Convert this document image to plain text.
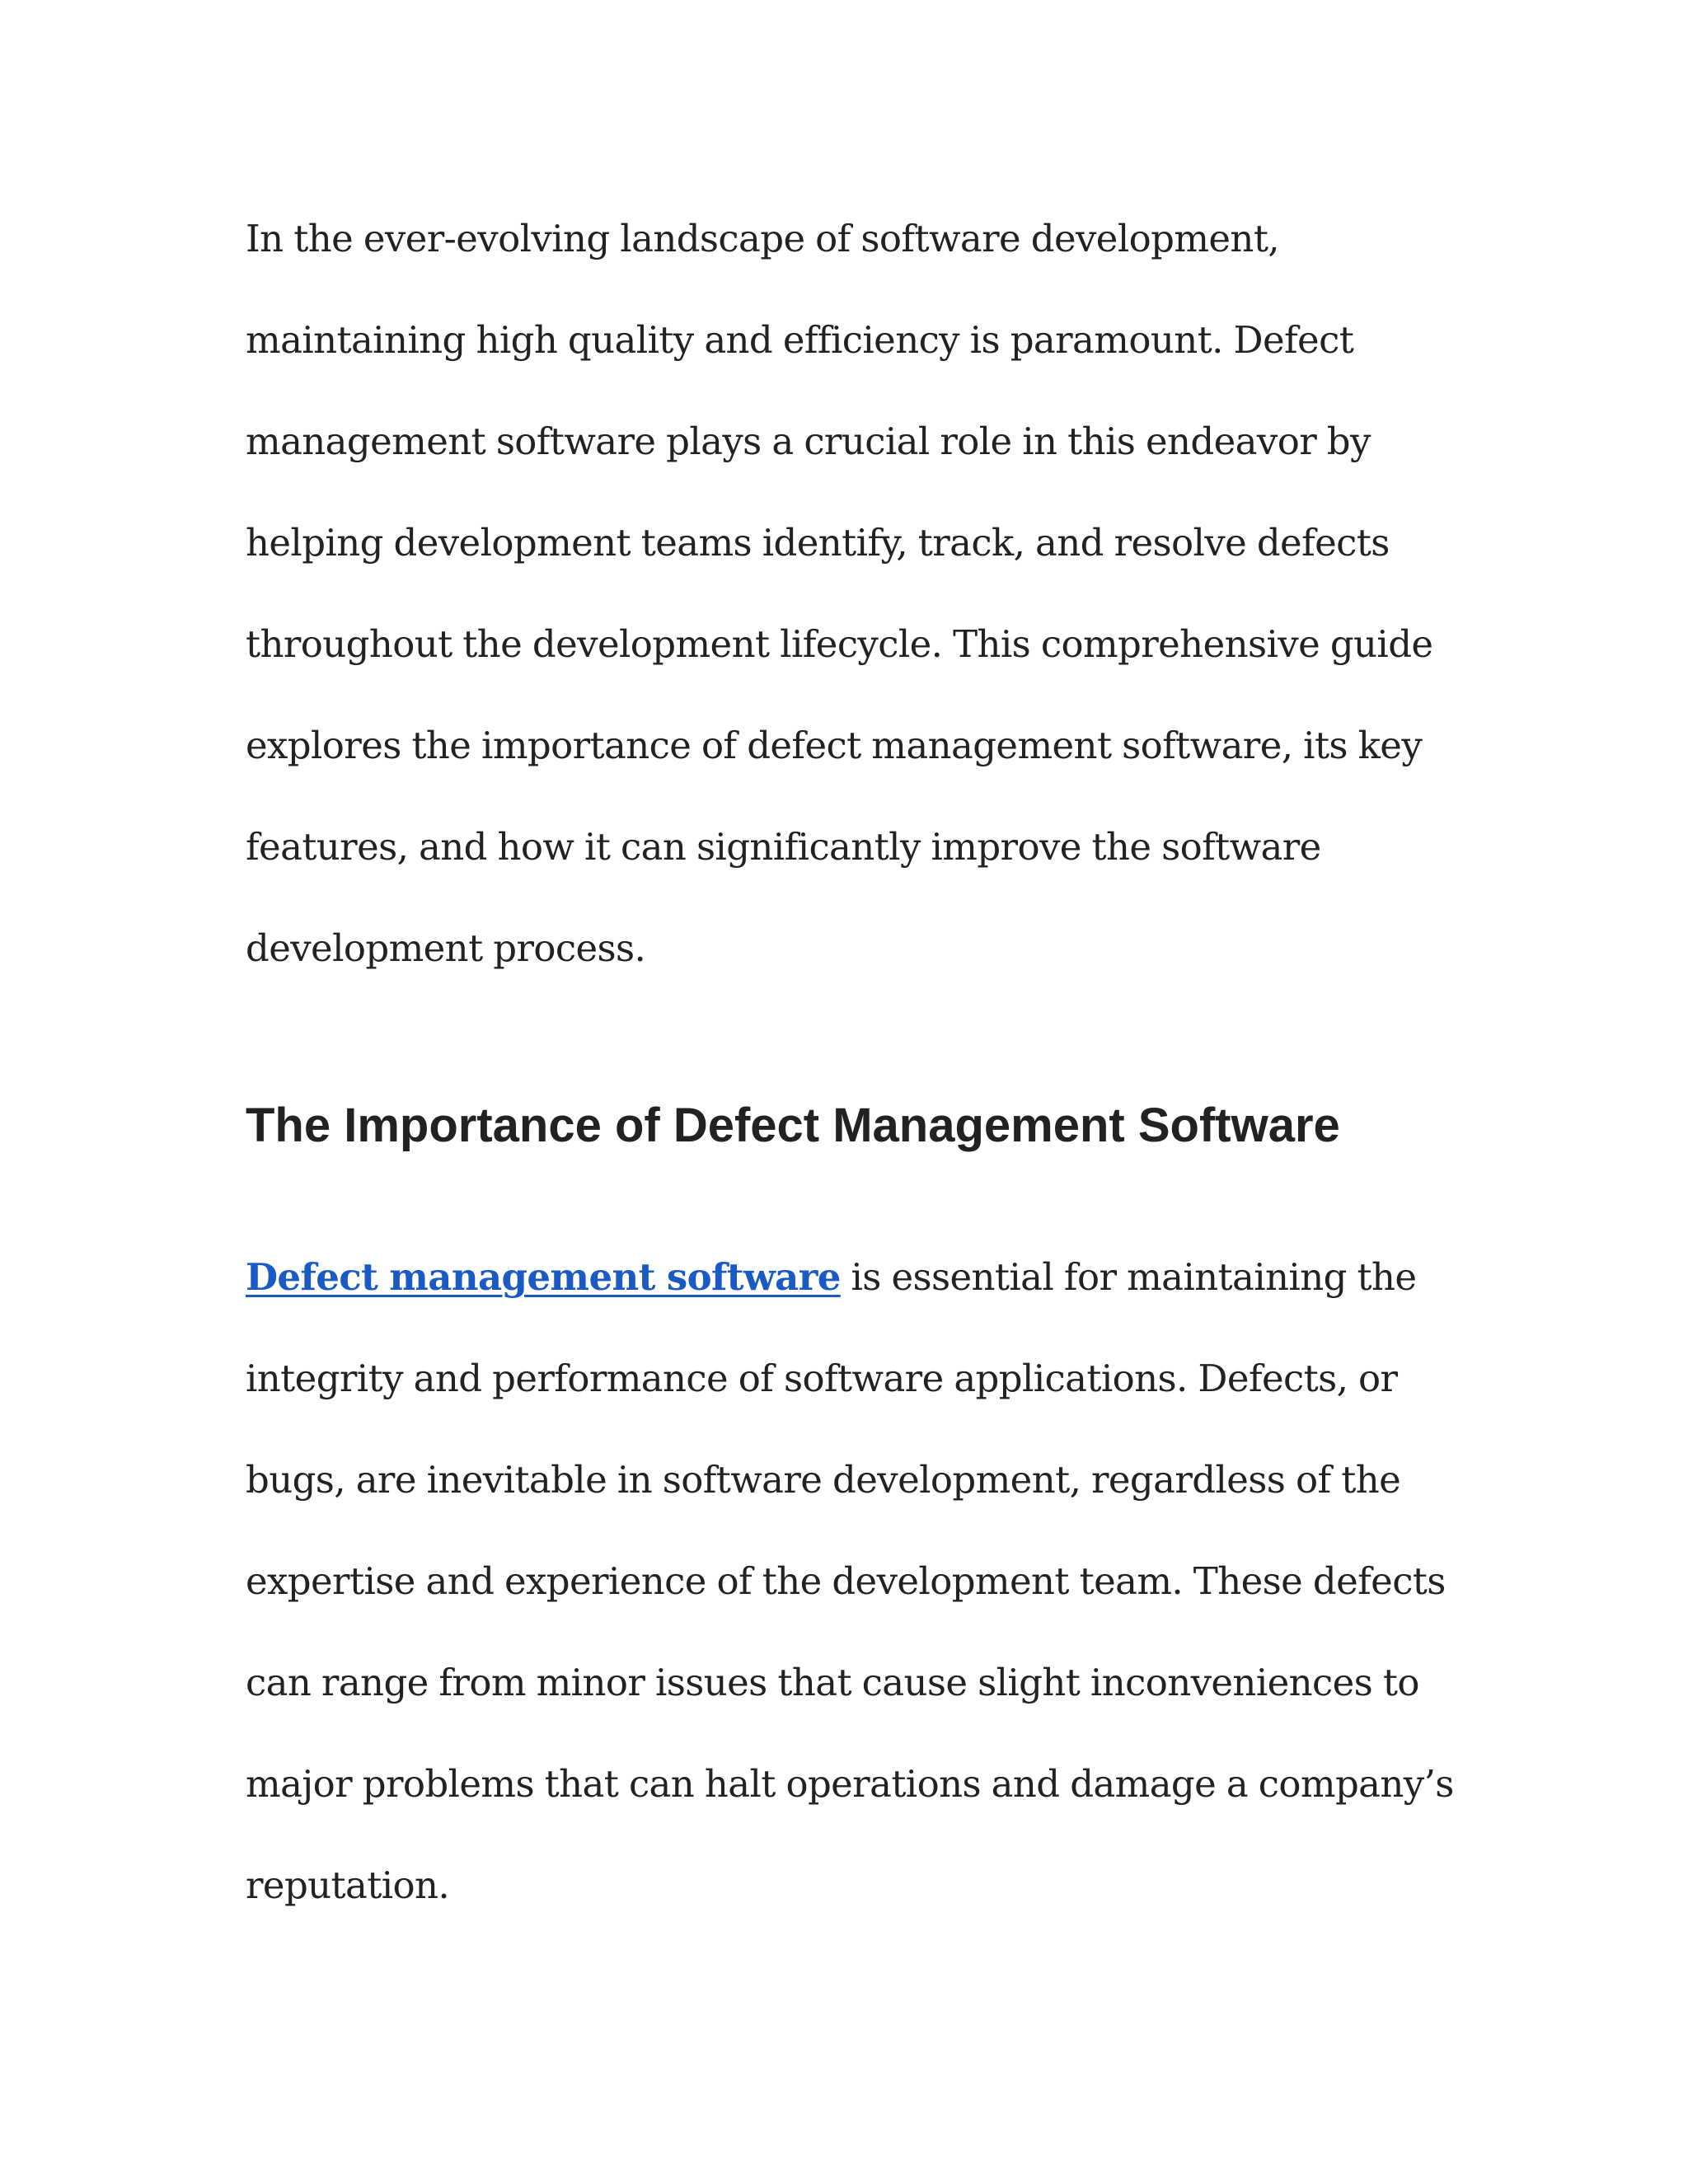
In the ever-evolving landscape of software development, maintaining high quality and efficiency is paramount. Defect management software plays a crucial role in this endeavor by helping development teams identify, track, and resolve defects throughout the development lifecycle. This comprehensive guide explores the importance of defect management software, its key features, and how it can significantly improve the software development process.

The Importance of Defect Management Software

Defect management software is essential for maintaining the integrity and performance of software applications. Defects, or bugs, are inevitable in software development, regardless of the expertise and experience of the development team. These defects can range from minor issues that cause slight inconveniences to major problems that can halt operations and damage a company’s reputation.
